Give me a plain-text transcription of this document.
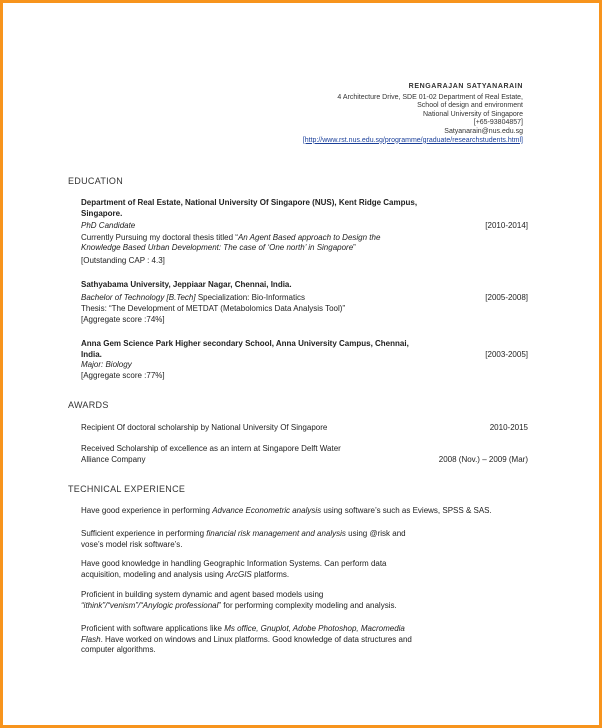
RENGARAJAN SATYANARAIN
4 Architecture Drive, SDE 01-02 Department of Real Estate,
School of design and environment
National University of Singapore
[+65-93804857]
Satyanarain@nus.edu.sg
[http://www.rst.nus.edu.sg/programme/graduate/researchstudents.html]
EDUCATION
Department of Real Estate, National University Of Singapore (NUS), Kent Ridge Campus,
Singapore.
PhD Candidate	[2010-2014]
Currently Pursuing my doctoral thesis titled “An Agent Based approach to Design the
Knowledge Based Urban Development: The case of ‘One north’ in Singapore”
[Outstanding CAP : 4.3]
Sathyabama University, Jeppiaar Nagar, Chennai, India.
Bachelor of Technology [B.Tech] Specialization: Bio-Informatics	[2005-2008]
Thesis: “The Development of METDAT (Metabolomics Data Analysis Tool)”
[Aggregate score :74%]
Anna Gem Science Park Higher secondary School, Anna University Campus, Chennai,
India.	[2003-2005]
Major: Biology
[Aggregate score :77%]
AWARDS
Recipient Of doctoral scholarship by National University Of Singapore	2010-2015
Received Scholarship of excellence as an intern at Singapore Delft Water
Alliance Company	2008 (Nov.) – 2009 (Mar)
TECHNICAL EXPERIENCE
Have good experience in performing Advance Econometric analysis using software’s such as Eviews, SPSS & SAS.
Sufficient experience in performing financial risk management and analysis using @risk and
vose’s model risk software’s.
Have good knowledge in handling Geographic Information Systems. Can perform data
acquisition, modeling and analysis using ArcGIS platforms.
Proficient in building system dynamic and agent based models using
“ithink”/“venism”/“Anylogic professional” for performing complexity modeling and analysis.
Proficient with software applications like Ms office, Gnuplot, Adobe Photoshop, Macromedia
Flash. Have worked on windows and Linux platforms. Good knowledge of data structures and
computer algorithms.
